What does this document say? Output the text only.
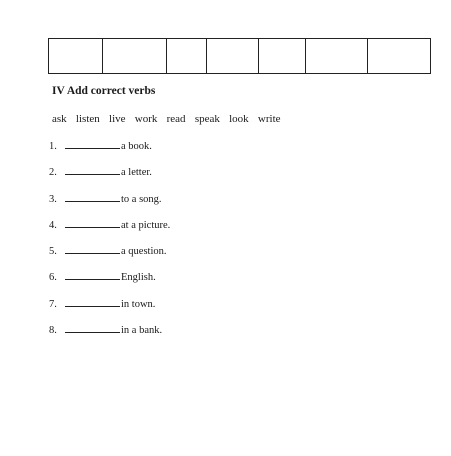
IV Add correct verbs
ask listen live work read speak look write
1.	a book.
2.	a letter.
3.	to a song.
4.	at a picture.
5.	a question.
6.	English.
7.	in town.
8.	in a bank.
